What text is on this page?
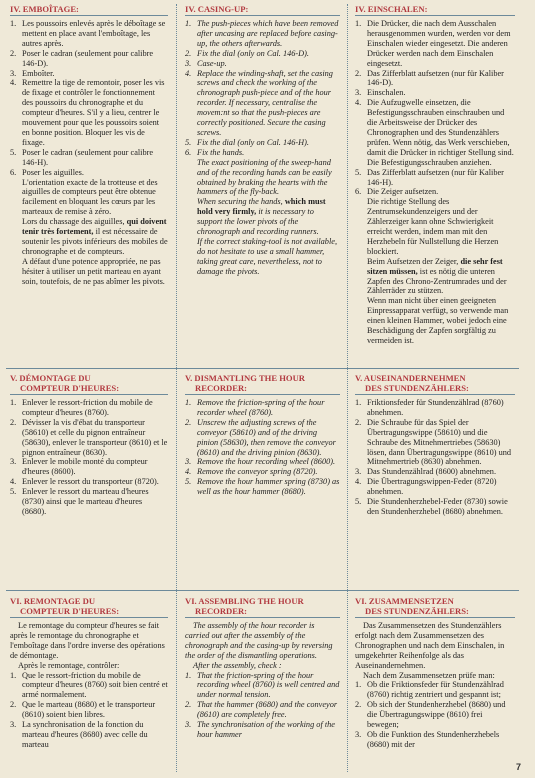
IV. EMBOÎTAGE:
1. Les poussoirs enlevés après le déboîtage se mettent en place avant l'emboîtage, les autres après.
2. Poser le cadran (seulement pour calibre 146-D).
3. Emboîter.
4. Remettre la tige de remontoir, poser les vis de fixage et contrôler le fonctionnement des poussoirs du chronographe et du compteur d'heures. S'il y a lieu, centrer le mouvement pour que les poussoirs soient en bonne position. Bloquer les vis de fixage.
5. Poser le cadran (seulement pour calibre 146-H).
6. Poser les aiguilles.

L'orientation exacte de la trotteuse et des aiguilles de compteurs peut être obtenue facilement en bloquant les cœurs par les marteaux de remise à zéro.

Lors du chassage des aiguilles, qui doivent tenir très fortement, il est nécessaire de soutenir les pivots inférieurs des mobiles de chronographe et de compteurs.

A défaut d'une potence appropriée, ne pas hésiter à utiliser un petit marteau en ayant soin, toutefois, de ne pas abîmer les pivots.

V. DÉMONTAGE DU
COMPTEUR D'HEURES:
1. Enlever le ressort-friction du mobile de compteur d'heures (8760).
2. Dévisser la vis d'ébat du transporteur (58610) et celle du pignon entraîneur (58630), enlever le transporteur (8610) et le pignon entraîneur (8630).
3. Enlever le mobile monté du compteur d'heures (8600).
4. Enlever le ressort du transporteur (8720).
5. Enlever le ressort du marteau d'heures (8730) ainsi que le marteau d'heures (8680).
VI. REMONTAGE DU
COMPTEUR D'HEURES:

Le remontage du compteur d'heures se fait après le remontage du chronographe et l'emboîtage dans l'ordre inverse des opérations de démontage.

Après le remontage, contrôler:

1. Que le ressort-friction du mobile de compteur d'heures (8760) soit bien centré et armé normalement.
2. Que le marteau (8680) et le transporteur (8610) soient bien libres.
3. La synchronisation de la fonction du marteau d'heures (8680) avec celle du marteau
IV. CASING-UP:
1. The push-pieces which have been removed after uncasing are replaced before casing-up, the others afterwards.
2. Fix the dial (only on Cal. 146-D).
3. Case-up.
4. Replace the winding-shaft, set the casing screws and check the working of the chronograph push-piece and of the hour recorder. If necessary, centralise the movem:nt so that the push-pieces are correctly positioned. Secure the casing screws.
5. Fix the dial (only on Cal. 146-H).
6. Fix the hands.

The exact positioning of the sweep-hand and of the recording hands can be easily obtained by braking the hearts with the hammers of the fly-back.

When securing the hands, which must hold very firmly, it is necessary to support the lower pivots of the chronograph and recording runners.

If the correct staking-tool is not available, do not hesitate to use a small hammer, taking great care, nevertheless, not to damage the pivots.

V. DISMANTLING THE HOUR
RECORDER:
1. Remove the friction-spring of the hour recorder wheel (8760).
2. Unscrew the adjusting screws of the conveyor (58610) and of the driving pinion (58630), then remove the conveyor (8610) and the driving pinion (8630).
3. Remove the hour recording wheel (8600).
4. Remove the conveyor spring (8720).
5. Remove the hour hammer spring (8730) as well as the hour hammer (8680).
VI. ASSEMBLING THE HOUR
RECORDER:

The assembly of the hour recorder is carried out after the assembly of the chronograph and the casing-up by reversing the order of the dismantling operations.

After the assembly, check :

1. That the friction-spring of the hour recording wheel (8760) is well centred and under normal tension.
2. That the hammer (8680) and the conveyor (8610) are completely free.
3. The synchronisation of the working of the hour hammer
IV. EINSCHALEN:
1. Die Drücker, die nach dem Ausschalen herausgenommen wurden, werden vor dem Einschalen wieder eingesetzt. Die anderen Drücker werden nach dem Einschalen eingesetzt.
2. Das Zifferblatt aufsetzen (nur für Kaliber 146-D).
3. Einschalen.
4. Die Aufzugwelle einsetzen, die Befestigungsschrauben einschrauben und die Arbeitsweise der Drücker des Chronographen und des Stundenzählers prüfen. Wenn nötig, das Werk verschieben, damit die Drücker in richtiger Stellung sind. Die Befestigungsschrauben anziehen.
5. Das Zifferblatt aufsetzen (nur für Kaliber 146-H).
6. Die Zeiger aufsetzen.

Die richtige Stellung des Zentrumsekundenzeigers und der Zählerzeiger kann ohne Schwierigkeit erreicht werden, indem man mit den Herzhebeln für Nullstellung die Herzen blockiert.

Beim Aufsetzen der Zeiger, die sehr fest sitzen müssen, ist es nötig die unteren Zapfen des Chrono-Zentrumrades und der Zählerräder zu stützen.

Wenn man nicht über einen geeigneten Einpressapparat verfügt, so verwende man einen kleinen Hammer, wobei jedoch eine Beschädigung der Zapfen sorgfältig zu vermeiden ist.

V. AUSEINANDERNEHMEN
DES STUNDENZÄHLERS:
1. Friktionsfeder für Stundenzählrad (8760) abnehmen.
2. Die Schraube für das Spiel der Übertragungswippe (58610) und die Schraube des Mitnehmertriebes (58630) lösen, dann Übertragungswippe (8610) und Mitnehmertrieb (8630) abnehmen.
3. Das Stundenzählrad (8600) abnehmen.
4. Die Übertragungswippen-Feder (8720) abnehmen.
5. Die Stundenherzhebel-Feder (8730) sowie den Stundenherzhebel (8680) abnehmen.
VI. ZUSAMMENSETZEN
DES STUNDENZÄHLERS:

Das Zusammensetzen des Stundenzählers erfolgt nach dem Zusammensetzen des Chronographen und nach dem Einschalen, in umgekehrter Reihenfolge als das Auseinandernehmen.

Nach dem Zusammensetzen prüfe man:

1. Ob die Friktionsfeder für Stundenzählrad (8760) richtig zentriert und gespannt ist;
2. Ob sich der Stundenherzhebel (8680) und die Übertragungswippe (8610) frei bewegen;
3. Ob die Funktion des Stundenherzhebels (8680) mit der
7
